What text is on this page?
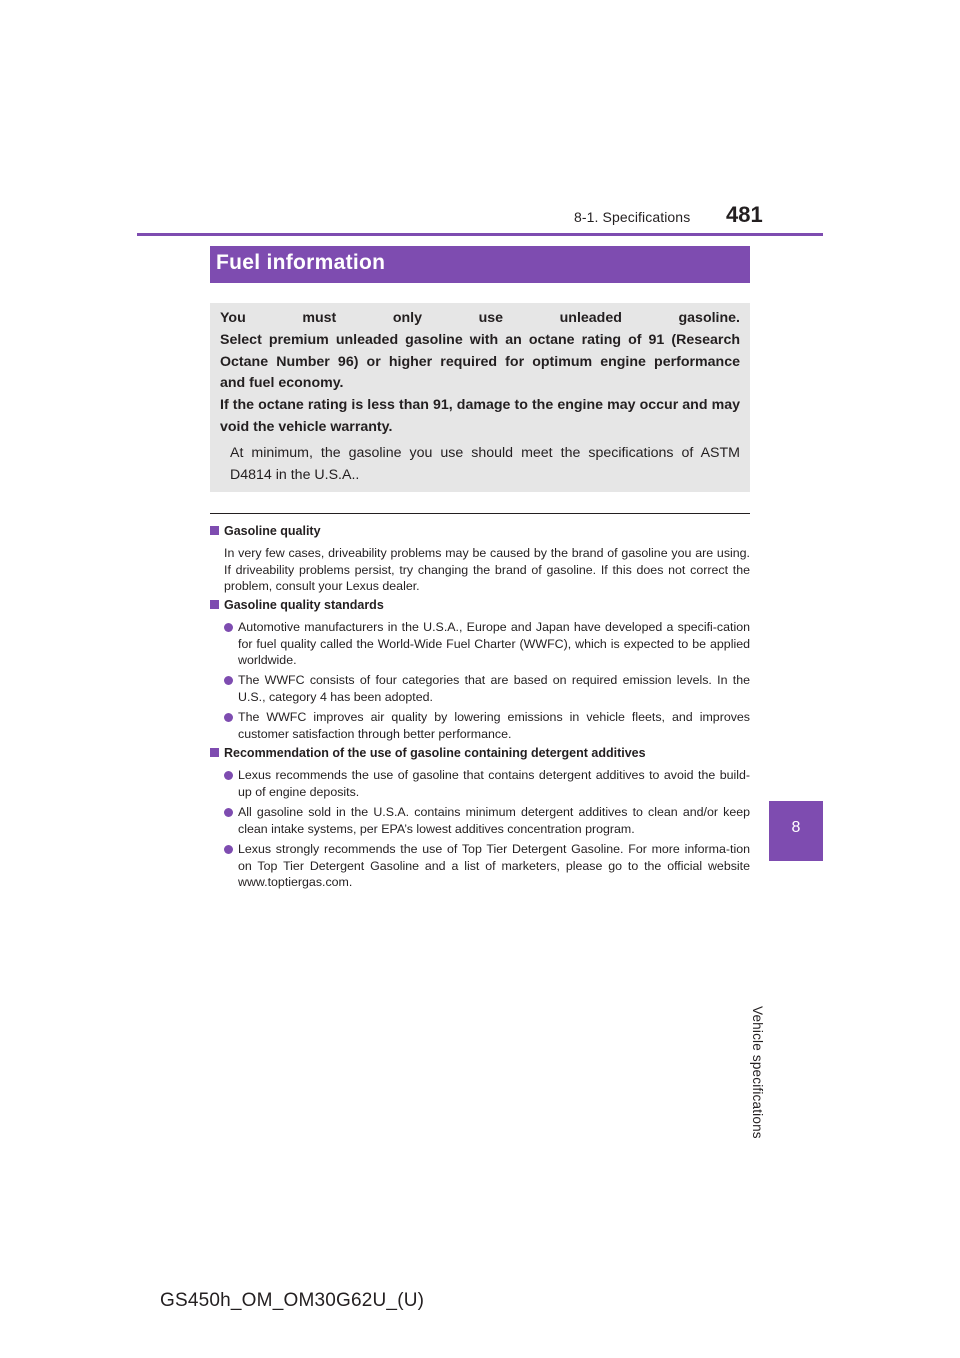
8-1. Specifications 481
Fuel information
You must only use unleaded gasoline.
Select premium unleaded gasoline with an octane rating of 91 (Research
Octane Number 96) or higher required for optimum engine performance
and fuel economy.
If the octane rating is less than 91, damage to the engine may occur and may
void the vehicle warranty.
At minimum, the gasoline you use should meet the specifications of ASTM D4814 in the U.S.A..
Gasoline quality
In very few cases, driveability problems may be caused by the brand of gasoline you are using. If driveability problems persist, try changing the brand of gasoline. If this does not correct the problem, consult your Lexus dealer.
Gasoline quality standards
Automotive manufacturers in the U.S.A., Europe and Japan have developed a specifi-cation for fuel quality called the World-Wide Fuel Charter (WWFC), which is expected to be applied worldwide.
The WWFC consists of four categories that are based on required emission levels. In the U.S., category 4 has been adopted.
The WWFC improves air quality by lowering emissions in vehicle fleets, and improves customer satisfaction through better performance.
Recommendation of the use of gasoline containing detergent additives
Lexus recommends the use of gasoline that contains detergent additives to avoid the build-up of engine deposits.
All gasoline sold in the U.S.A. contains minimum detergent additives to clean and/or keep clean intake systems, per EPA’s lowest additives concentration program.
Lexus strongly recommends the use of Top Tier Detergent Gasoline. For more informa-tion on Top Tier Detergent Gasoline and a list of marketers, please go to the official website www.toptiergas.com.
8
Vehicle specifications
GS450h_OM_OM30G62U_(U)
